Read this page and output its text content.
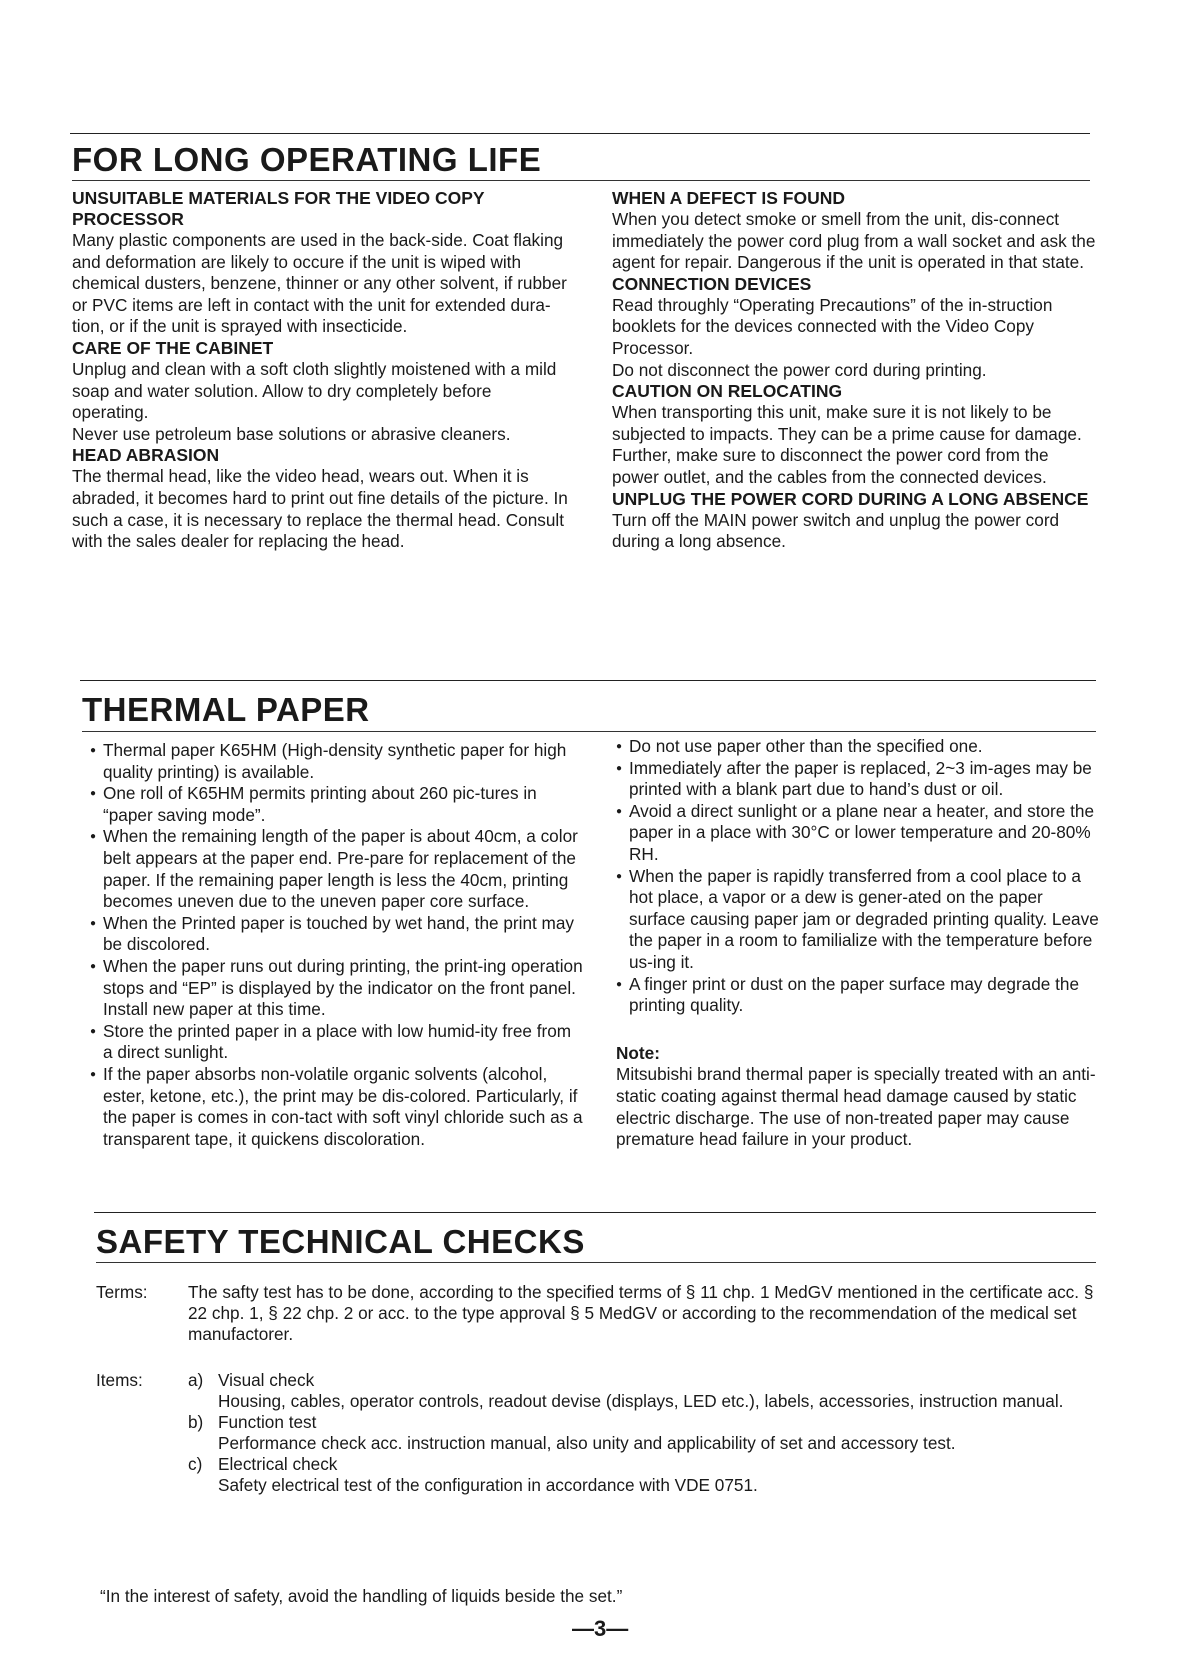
FOR LONG OPERATING LIFE

UNSUITABLE MATERIALS FOR THE VIDEO COPY PROCESSOR

Many plastic components are used in the back-side. Coat flaking and deformation are likely to occure if the unit is wiped with chemical dusters, benzene, thinner or any other solvent, if rubber or PVC items are left in contact with the unit for extended dura-tion, or if the unit is sprayed with insecticide.

CARE OF THE CABINET

Unplug and clean with a soft cloth slightly moistened with a mild soap and water solution. Allow to dry completely before operating.

Never use petroleum base solutions or abrasive cleaners.

HEAD ABRASION

The thermal head, like the video head, wears out. When it is abraded, it becomes hard to print out fine details of the picture. In such a case, it is necessary to replace the thermal head. Consult with the sales dealer for replacing the head.

WHEN A DEFECT IS FOUND

When you detect smoke or smell from the unit, dis-connect immediately the power cord plug from a wall socket and ask the agent for repair. Dangerous if the unit is operated in that state.

CONNECTION DEVICES

Read throughly “Operating Precautions” of the in-struction booklets for the devices connected with the Video Copy Processor.

Do not disconnect the power cord during printing.

CAUTION ON RELOCATING

When transporting this unit, make sure it is not likely to be subjected to impacts. They can be a prime cause for damage. Further, make sure to disconnect the power cord from the power outlet, and the cables from the connected devices.

UNPLUG THE POWER CORD DURING A LONG ABSENCE

Turn off the MAIN power switch and unplug the power cord during a long absence.

THERMAL PAPER
● Thermal paper K65HM (High-density synthetic paper for high quality printing) is available.
● One roll of K65HM permits printing about 260 pic-tures in “paper saving mode”.
● When the remaining length of the paper is about 40cm, a color belt appears at the paper end. Pre-pare for replacement of the paper. If the remaining paper length is less the 40cm, printing becomes uneven due to the uneven paper core surface.
● When the Printed paper is touched by wet hand, the print may be discolored.
● When the paper runs out during printing, the print-ing operation stops and “EP” is displayed by the indicator on the front panel. Install new paper at this time.
● Store the printed paper in a place with low humid-ity free from a direct sunlight.
● If the paper absorbs non-volatile organic solvents (alcohol, ester, ketone, etc.), the print may be dis-colored. Particularly, if the paper is comes in con-tact with soft vinyl chloride such as a transparent tape, it quickens discoloration.
● Do not use paper other than the specified one.
● Immediately after the paper is replaced, 2~3 im-ages may be printed with a blank part due to hand’s dust or oil.
● Avoid a direct sunlight or a plane near a heater, and store the paper in a place with 30°C or lower temperature and 20-80% RH.
● When the paper is rapidly transferred from a cool place to a hot place, a vapor or a dew is gener-ated on the paper surface causing paper jam or degraded printing quality. Leave the paper in a room to familialize with the temperature before us-ing it.
● A finger print or dust on the paper surface may degrade the printing quality.

Note:

Mitsubishi brand thermal paper is specially treated with an anti-static coating against thermal head damage caused by static electric discharge. The use of non-treated paper may cause premature head failure in your product.

SAFETY TECHNICAL CHECKS
Terms: The safty test has to be done, according to the specified terms of § 11 chp. 1 MedGV mentioned in the certificate acc. § 22 chp. 1, § 22 chp. 2 or acc. to the type approval § 5 MedGV or according to the recommendation of the medical set manufactorer.

Items:	a) Visual check
Housing, cables, operator controls, readout devise (displays, LED etc.), labels, accessories, instruction manual.
b) Function test
Performance check acc. instruction manual, also unity and applicability of set and accessory test.
c) Electrical check
Safety electrical test of the configuration in accordance with VDE 0751.
“In the interest of safety, avoid the handling of liquids beside the set.”
—3—
